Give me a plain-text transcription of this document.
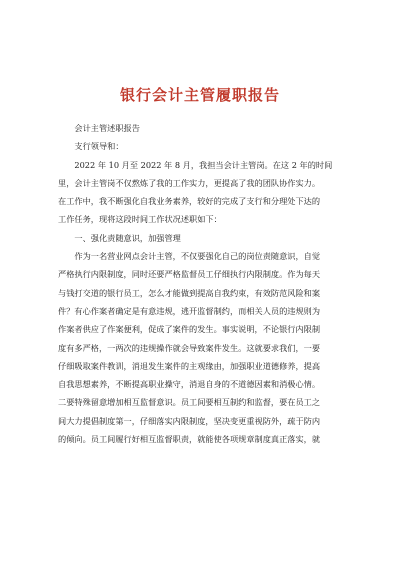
银行会计主管履职报告

会计主管述职报告

支行领导和：

2022 年 10 月至 2022 年 8 月，我担当会计主管岗。在这 2 年的时间

里，会计主管岗不仅熬炼了我的工作实力，更提高了我的团队协作实力。
在工作中，我不断强化自我业务素养，较好的完成了支行和分理处下达的
工作任务，现将这段时间工作状况述职如下：

一、强化责随意识，加强管理

作为一名营业网点会计主管，不仅要强化自己的岗位责随意识，自觉

严格执行内限制度，同时还要严格监督员工仔细执行内限制度。作为每天
与钱打交道的银行员工，怎么才能做到提高自我约束，有效防范风险和案
件？有心作案者确定是有意违规，逃开监督制约，而相关人员的违规则为
作案者供应了作案便利，促成了案件的发生。事实说明，不论银行内限制
度有多严格，一两次的违规操作就会导致案件发生。这就要求我们，一要
仔细吸取案件教训，消退发生案件的主观缘由，加强职业道德修养，提高
自我思想素养，不断提高职业操守，消退自身的不道德因素和消极心情。
二要特殊留意增加相互监督意识。员工间要相互制约和监督，要在员工之
间大力提倡制度第一，仔细落实内限制度，坚决变更重视防外，疏于防内
的倾向。员工间履行好相互监督职责，就能使各项规章制度真正落实，就
